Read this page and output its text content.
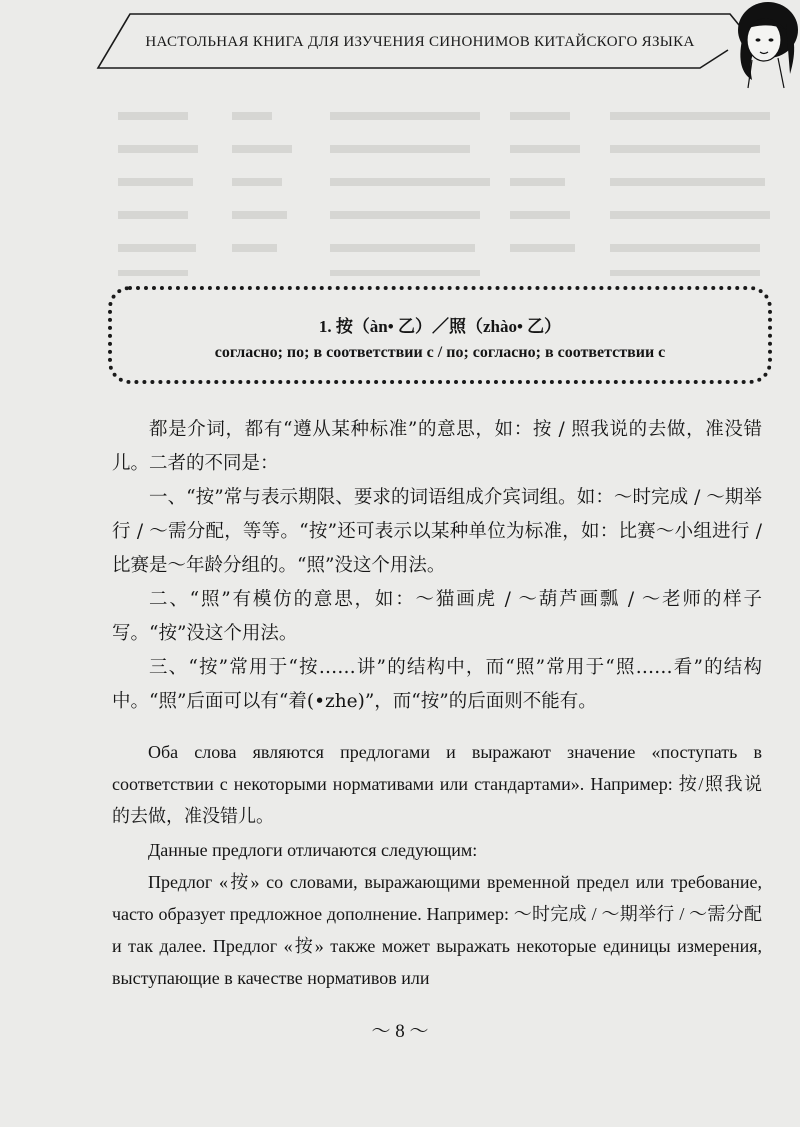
НАСТОЛЬНАЯ КНИГА ДЛЯ ИЗУЧЕНИЯ СИНОНИМОВ КИТАЙСКОГО ЯЗЫКА
1. 按（àn• 乙）／照（zhào• 乙）
согласно; по; в соответствии с / по; согласно; в соответствии с

都是介词，都有“遵从某种标准”的意思，如：按 / 照我说的去做，准没错儿。二者的不同是：

一、“按”常与表示期限、要求的词语组成介宾词组。如：～时完成 / ～期举行 / ～需分配，等等。“按”还可表示以某种单位为标准，如：比赛～小组进行 / 比赛是～年龄分组的。“照”没这个用法。

二、“照”有模仿的意思，如：～猫画虎 / ～葫芦画瓢 / ～老师的样子写。“按”没这个用法。

三、“按”常用于“按……讲”的结构中，而“照”常用于“照……看”的结构中。“照”后面可以有“着(•zhe)”，而“按”的后面则不能有。

Оба слова являются предлогами и выражают значение «поступать в соответствии с некоторыми нормативами или стандартами». Например: 按/照我说的去做，准没错儿。

Данные предлоги отличаются следующим:

Предлог «按» со словами, выражающими временной предел или требование, часто образует предложное дополнение. Например: ～时完成 / ～期举行 / ～需分配 и так далее. Предлог «按» также может выражать некоторые единицы измерения, выступающие в качестве нормативов или

～ 8 ～
